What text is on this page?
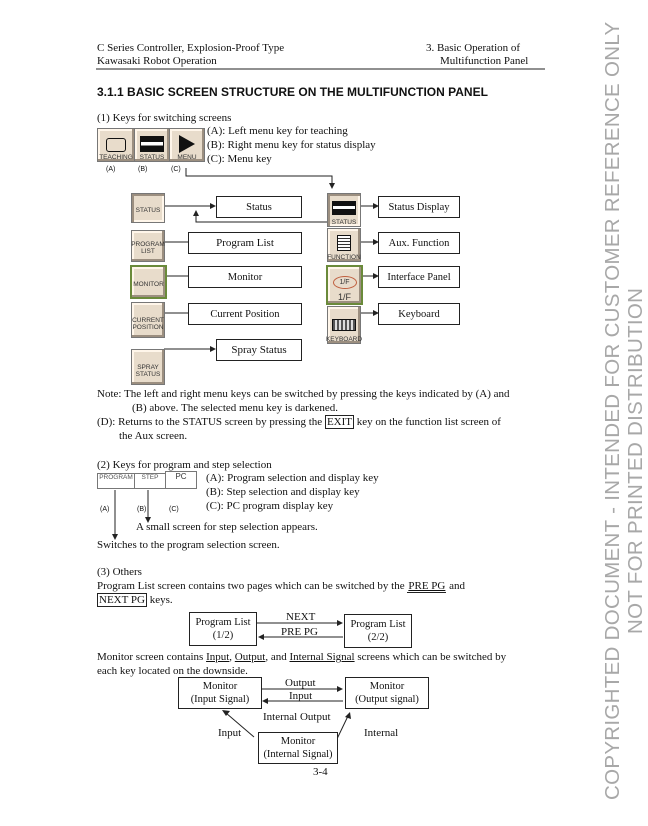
C Series Controller, Explosion-Proof Type
Kawasaki Robot Operation
3. Basic Operation of
Multifunction Panel
3.1.1 BASIC SCREEN STRUCTURE ON THE MULTIFUNCTION PANEL
(1) Keys for switching screens
TEACHING STATUS MENU
(A): Left menu key for teaching
(B): Right menu key for status display
(C): Menu key
(A)	(B)	(C)
STATUS
PROGRAM
LIST
MONITOR
CURRENT
POSITION
SPRAY
STATUS
Status
Program List
Monitor
Current Position
Spray Status
STATUS
FUNCTION
1/F
1/F
KEYBOARD
Status Display
Aux. Function
Interface Panel
Keyboard
Note: The left and right menu keys can be switched by pressing the keys indicated by (A) and
(B) above. The selected menu key is darkened.
(D): Returns to the STATUS screen by pressing the EXIT key on the function list screen of
the Aux screen.
(2) Keys for program and step selection
PROGRAM	STEP	PC	(A): Program selection and display key
(B): Step selection and display key
(C): PC program display key
(A)	(B)	(C)
A small screen for step selection appears.
Switches to the program selection screen.
(3) Others
Program List screen contains two pages which can be switched by the PRE PG and
NEXT PG keys.
Program List
(1/2)
Program List
(2/2)
NEXT
PRE PG
Monitor screen contains Input, Output, and Internal Signal screens which can be switched by
each key located on the downside.
Monitor
(Input Signal)
Monitor
(Output signal)
Monitor
(Internal Signal)
Output
Input
Internal Output
Input	Internal
3-4	COPYRIGHTED DOCUMENT - INTENDED FOR CUSTOMER REFERENCE ONLY NOT FOR PRINTED DISTRIBUTION
